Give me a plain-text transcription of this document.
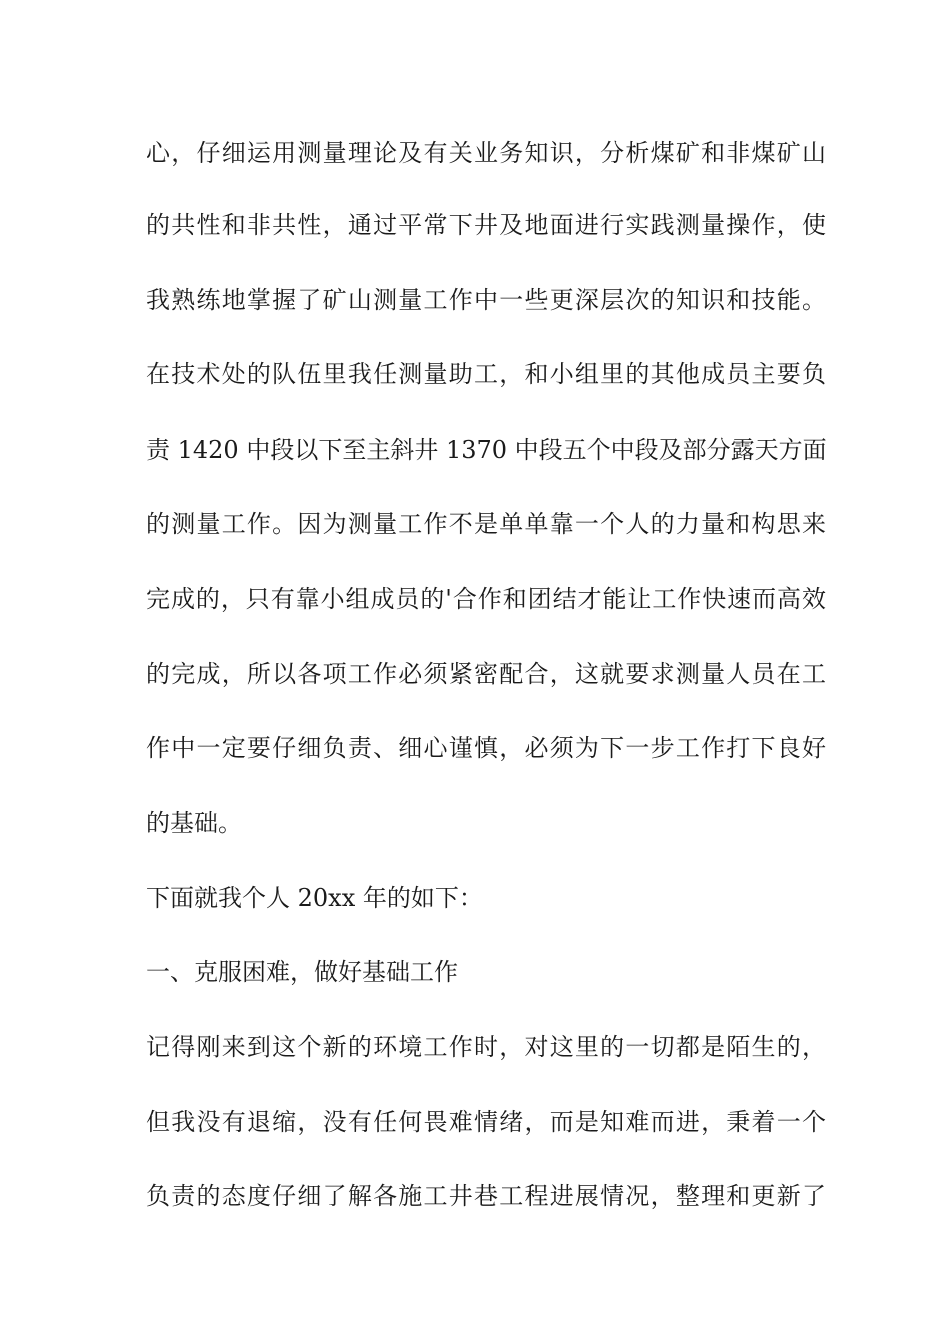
心，仔细运用测量理论及有关业务知识，分析煤矿和非煤矿山
的共性和非共性，通过平常下井及地面进行实践测量操作，使
我熟练地掌握了矿山测量工作中一些更深层次的知识和技能。
在技术处的队伍里我任测量助工，和小组里的其他成员主要负
责 1420 中段以下至主斜井 1370 中段五个中段及部分露天方面
的测量工作。因为测量工作不是单单靠一个人的力量和构思来
完成的，只有靠小组成员的'合作和团结才能让工作快速而高效
的完成，所以各项工作必须紧密配合，这就要求测量人员在工
作中一定要仔细负责、细心谨慎，必须为下一步工作打下良好
的基础。
下面就我个人 20xx 年的如下：
一、克服困难，做好基础工作
记得刚来到这个新的环境工作时，对这里的一切都是陌生的，
但我没有退缩，没有任何畏难情绪，而是知难而进，秉着一个
负责的态度仔细了解各施工井巷工程进展情况，整理和更新了
